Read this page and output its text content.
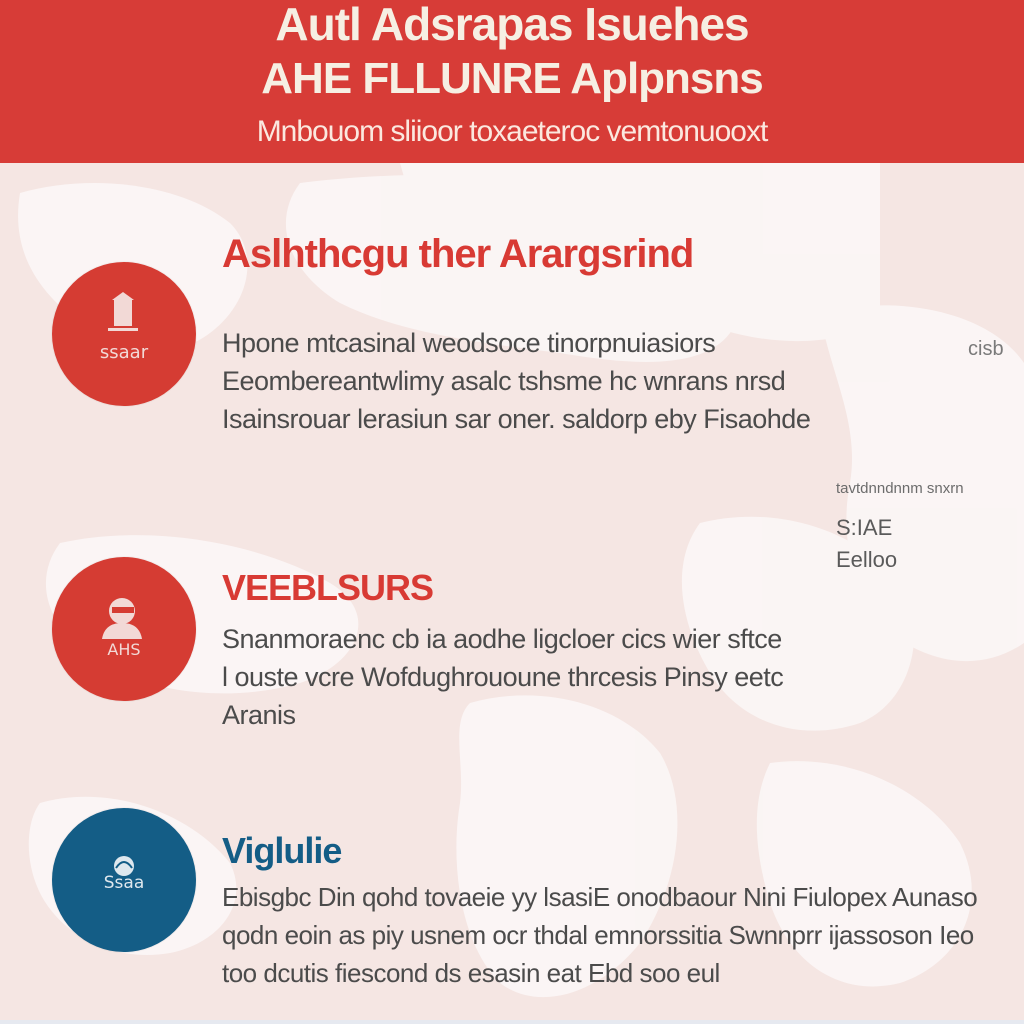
Autl Adsrapas Isuehes
AHE FLLUNRE Aplpnsns
Mnbouom sliioor toxaeteroc vemtonuooxt
cisb
tavtdnndnnm snxrn
S:IAE
Eelloo
ssaar
Aslhthcgu ther Arargsrind
Hpone mtcasinal weodsoce tinorpnuiasiors Eeombereantwlimy asalc tshsme hc wnrans nrsd Isainsrouar lerasiun sar oner. saldorp eby Fisaohde
AHS
VEEBLSURS
Snanmoraenc cb ia aodhe ligcloer cics wier sftce l ouste vcre Wofdughrououne thrcesis Pinsy eetc Aranis
Ssaa
Viglulie
Ebisgbc Din qohd tovaeie yy lsasiE onodbaour Nini Fiulopex Aunaso qodn eoin as piy usnem ocr thdal emnorssitia Swnnprr ijassoson Ieo too dcutis fiescond ds esasin eat Ebd soo eul
